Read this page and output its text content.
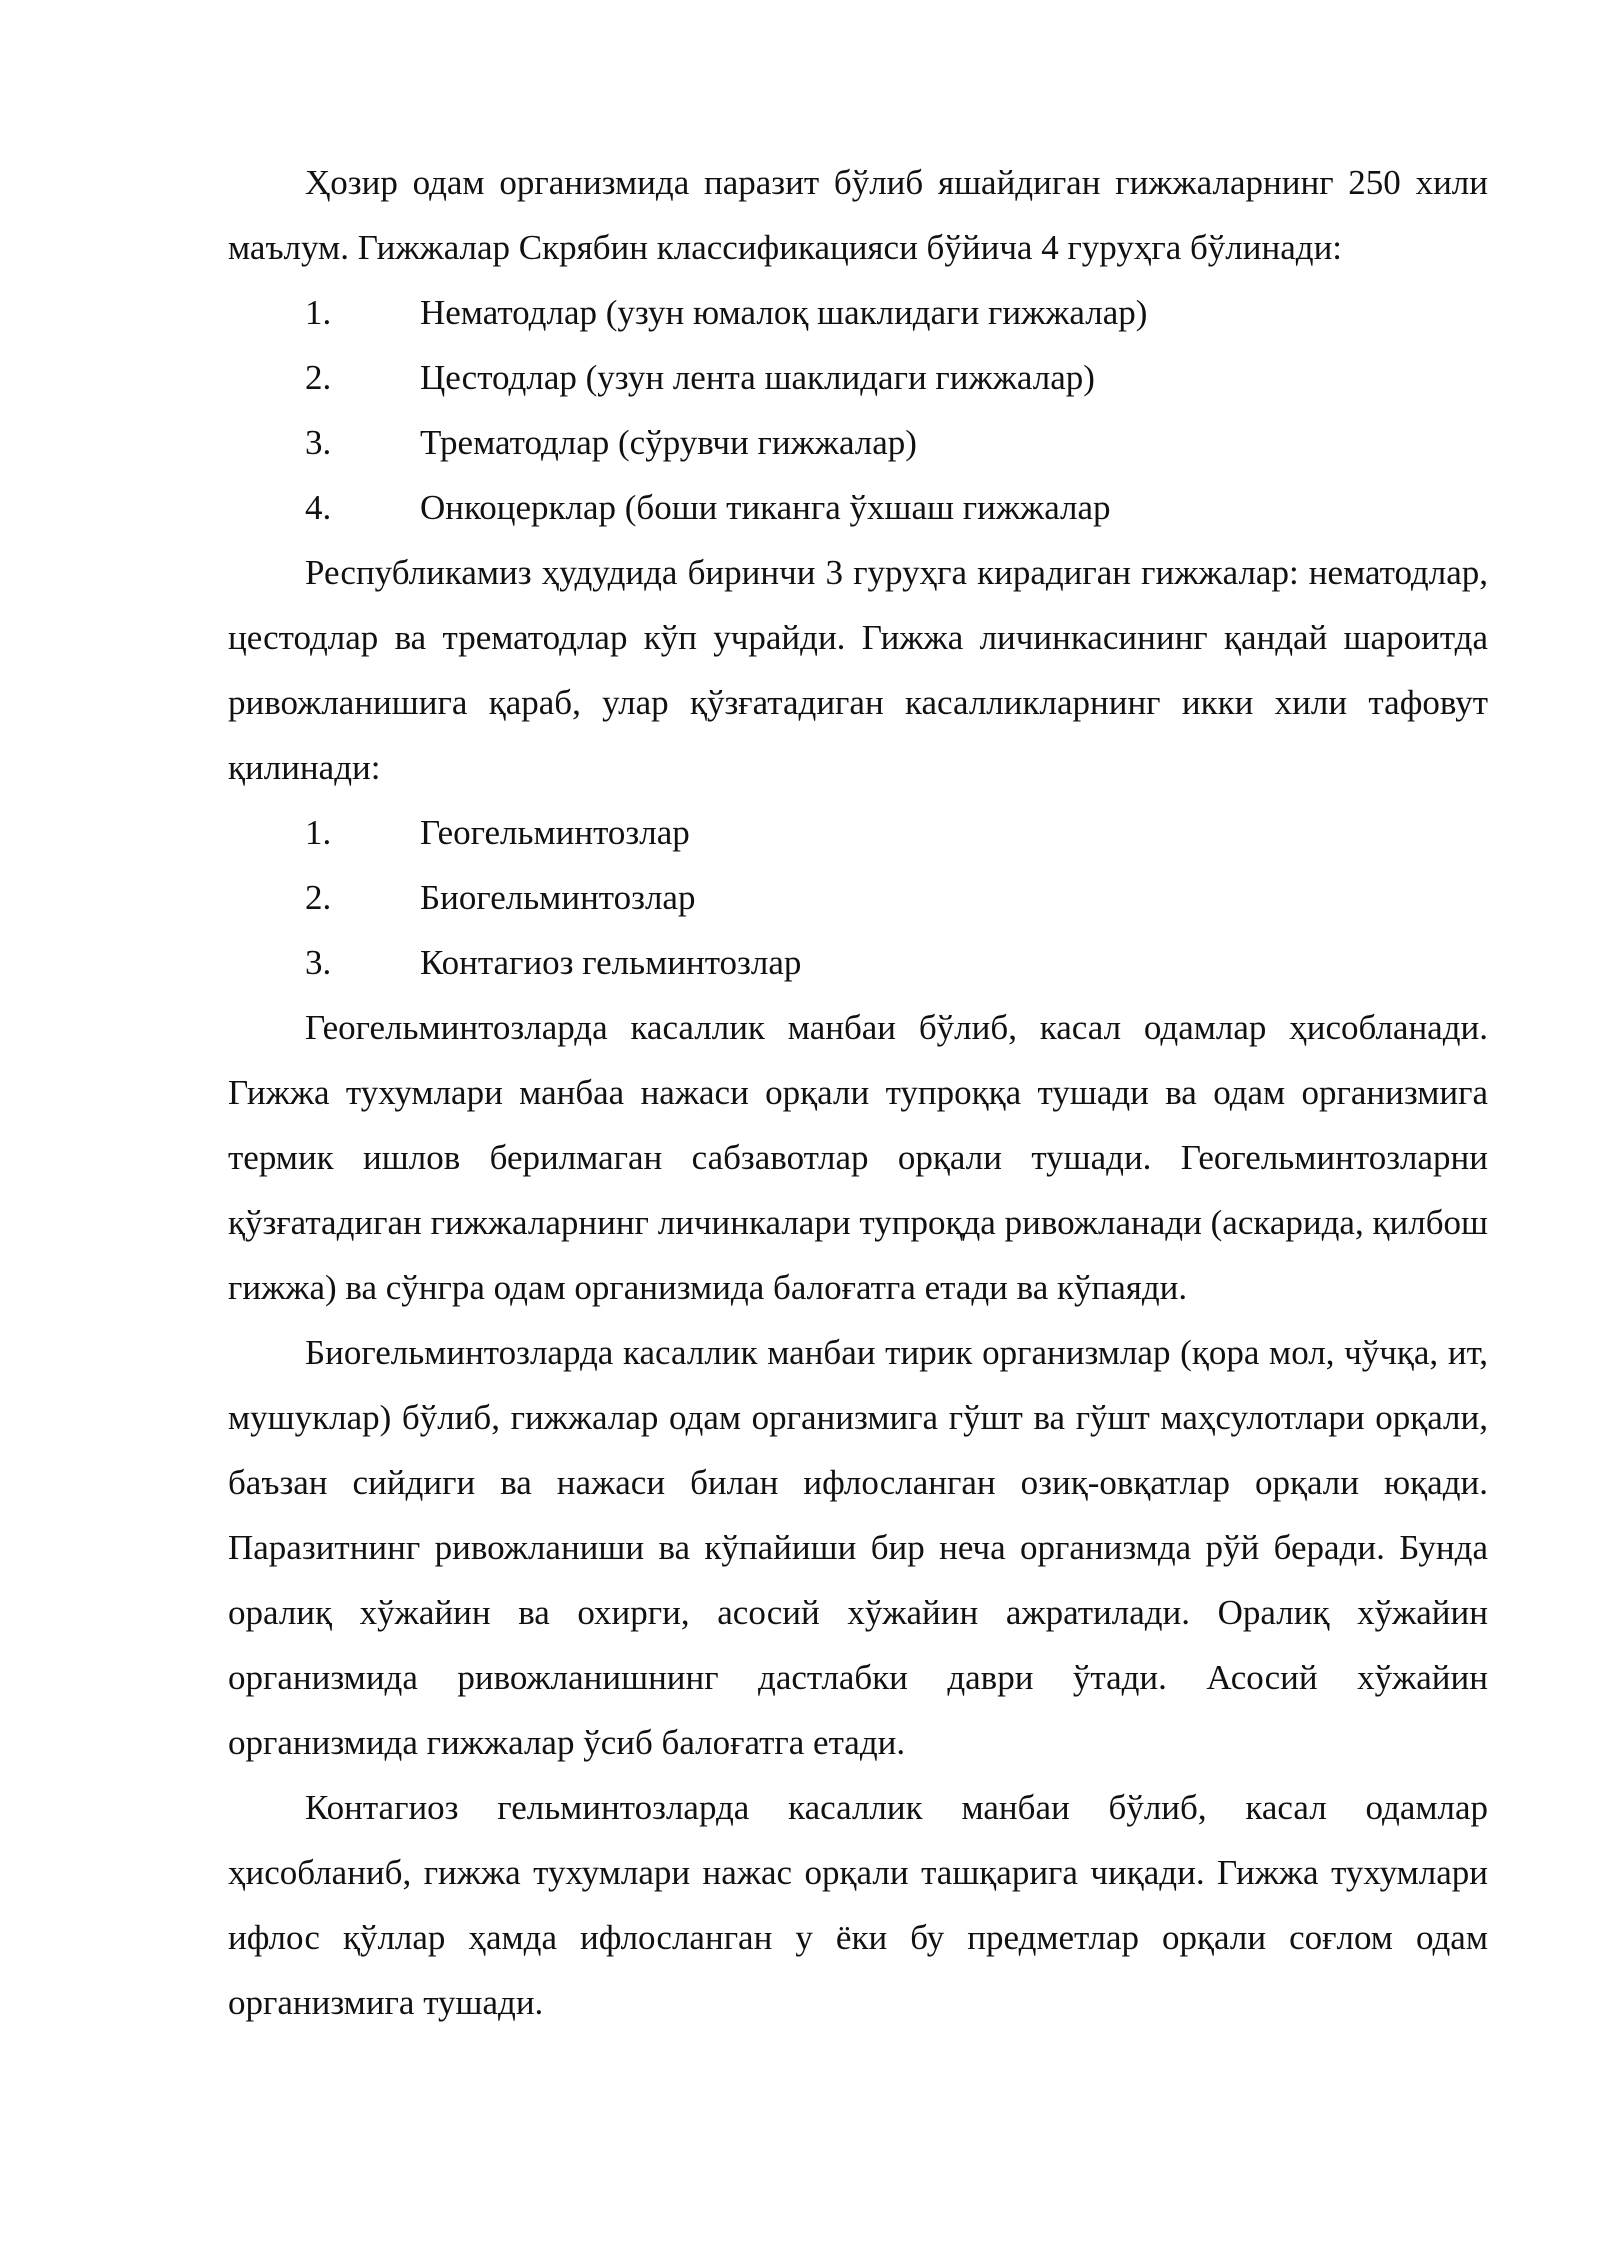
Ҳозир одам организмида паразит бўлиб яшайдиган гижжаларнинг 250 хили маълум. Гижжалар Скрябин классификацияси бўйича 4 гуруҳга бўлинади:

1.	Нематодлар (узун юмалоқ шаклидаги гижжалар)
2.	Цестодлар (узун лента шаклидаги гижжалар)
3.	Трематодлар (сўрувчи гижжалар)
4.	Онкоцерклар (боши тиканга ўхшаш гижжалар

Республикамиз ҳудудида биринчи 3 гуруҳга кирадиган гижжалар: нематодлар, цестодлар ва трематодлар кўп учрайди. Гижжа личинкасининг қандай шароитда ривожланишига қараб, улар қўзғатадиган касалликларнинг икки хили тафовут қилинади:

1.	Геогельминтозлар
2.	Биогельминтозлар
3.	Контагиоз гельминтозлар

Геогельминтозларда касаллик манбаи бўлиб, касал одамлар ҳисобланади. Гижжа тухумлари манбаа нажаси орқали тупроққа тушади ва одам организмига термик ишлов берилмаган сабзавотлар орқали тушади. Геогельминтозларни қўзғатадиган гижжаларнинг личинкалари тупроқда ривожланади (аскарида, қилбош гижжа) ва сўнгра одам организмида балоғатга етади ва кўпаяди.

Биогельминтозларда касаллик манбаи тирик организмлар (қора мол, чўчқа, ит, мушуклар) бўлиб, гижжалар одам организмига гўшт ва гўшт маҳсулотлари орқали, баъзан сийдиги ва нажаси билан ифлосланган озиқ-овқатлар орқали юқади. Паразитнинг ривожланиши ва кўпайиши бир неча организмда рўй беради. Бунда оралиқ хўжайин ва охирги, асосий хўжайин ажратилади. Оралиқ хўжайин организмида ривожланишнинг дастлабки даври ўтади. Асосий хўжайин организмида гижжалар ўсиб балоғатга етади.

Контагиоз гельминтозларда касаллик манбаи бўлиб, касал одамлар ҳисобланиб, гижжа тухумлари нажас орқали ташқарига чиқади. Гижжа тухумлари ифлос қўллар ҳамда ифлосланган у ёки бу предметлар орқали соғлом одам организмига тушади.
